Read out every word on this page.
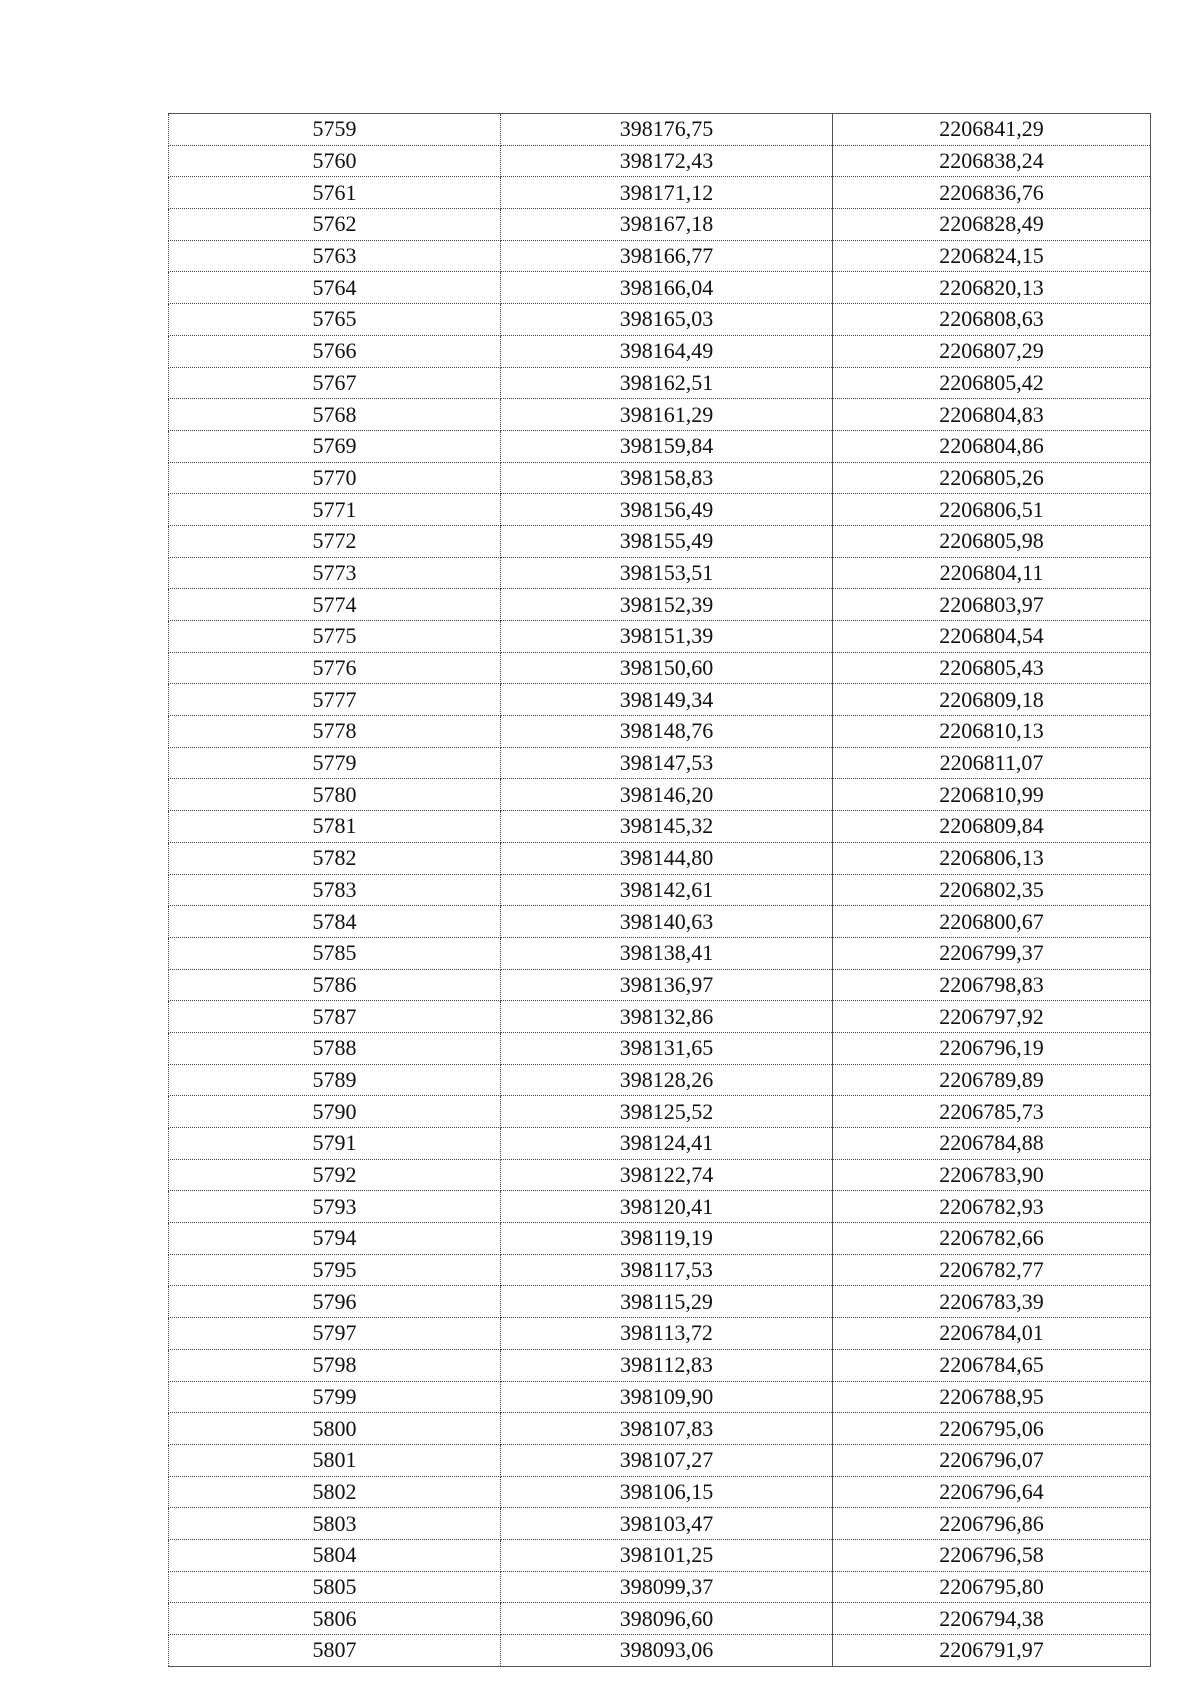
5759	398176,75	2206841,29
5760	398172,43	2206838,24
5761	398171,12	2206836,76
5762	398167,18	2206828,49
5763	398166,77	2206824,15
5764	398166,04	2206820,13
5765	398165,03	2206808,63
5766	398164,49	2206807,29
5767	398162,51	2206805,42
5768	398161,29	2206804,83
5769	398159,84	2206804,86
5770	398158,83	2206805,26
5771	398156,49	2206806,51
5772	398155,49	2206805,98
5773	398153,51	2206804,11
5774	398152,39	2206803,97
5775	398151,39	2206804,54
5776	398150,60	2206805,43
5777	398149,34	2206809,18
5778	398148,76	2206810,13
5779	398147,53	2206811,07
5780	398146,20	2206810,99
5781	398145,32	2206809,84
5782	398144,80	2206806,13
5783	398142,61	2206802,35
5784	398140,63	2206800,67
5785	398138,41	2206799,37
5786	398136,97	2206798,83
5787	398132,86	2206797,92
5788	398131,65	2206796,19
5789	398128,26	2206789,89
5790	398125,52	2206785,73
5791	398124,41	2206784,88
5792	398122,74	2206783,90
5793	398120,41	2206782,93
5794	398119,19	2206782,66
5795	398117,53	2206782,77
5796	398115,29	2206783,39
5797	398113,72	2206784,01
5798	398112,83	2206784,65
5799	398109,90	2206788,95
5800	398107,83	2206795,06
5801	398107,27	2206796,07
5802	398106,15	2206796,64
5803	398103,47	2206796,86
5804	398101,25	2206796,58
5805	398099,37	2206795,80
5806	398096,60	2206794,38
5807	398093,06	2206791,97
